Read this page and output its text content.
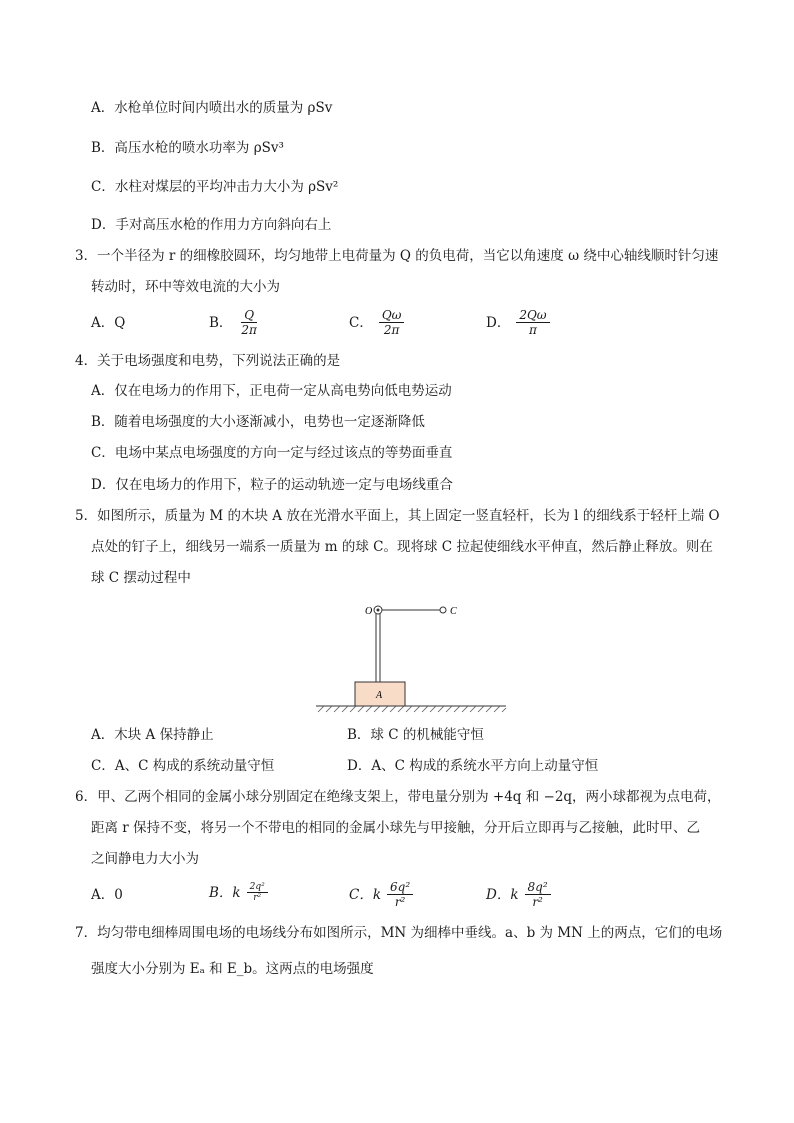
A．水枪单位时间内喷出水的质量为 ρSv
B．高压水枪的喷水功率为 ρSv³
C．水柱对煤层的平均冲击力大小为 ρSv²
D．手对高压水枪的作用力方向斜向右上
3．一个半径为 r 的细橡胶圆环，均匀地带上电荷量为 Q 的负电荷，当它以角速度 ω 绕中心轴线顺时针匀速
转动时，环中等效电流的大小为
A．Q	B． $\frac{Q}{2\pi}$	C． $\frac{Q\omega}{2\pi}$	D． $\frac{2Q\omega}{\pi}$
4．关于电场强度和电势，下列说法正确的是
A．仅在电场力的作用下，正电荷一定从高电势向低电势运动
B．随着电场强度的大小逐渐减小，电势也一定逐渐降低
C．电场中某点电场强度的方向一定与经过该点的等势面垂直
D．仅在电场力的作用下，粒子的运动轨迹一定与电场线重合
5．如图所示，质量为 M 的木块 A 放在光滑水平面上，其上固定一竖直轻杆，长为 l 的细线系于轻杆上端 O
点处的钉子上，细线另一端系一质量为 m 的球 C。现将球 C 拉起使细线水平伸直，然后静止释放。则在
球 C 摆动过程中
A
O	C
A．木块 A 保持静止	B．球 C 的机械能守恒
C．A、C 构成的系统动量守恒	D．A、C 构成的系统水平方向上动量守恒
6．甲、乙两个相同的金属小球分别固定在绝缘支架上，带电量分别为 +4q 和 −2q，两小球都视为点电荷，
距离 r 保持不变，将另一个不带电的相同的金属小球先与甲接触，分开后立即再与乙接触，此时甲、乙
之间静电力大小为
A．0	B．k $\frac{\text{2q²}}{\text{r²}}$	C．k $\frac{\text{6q²}}{\text{r²}}$	D．k $\frac{\text{8q²}}{\text{r²}}$
7．均匀带电细棒周围电场的电场线分布如图所示，MN 为细棒中垂线。a、b 为 MN 上的两点，它们的电场
强度大小分别为 Eₐ 和 E_b。这两点的电场强度
